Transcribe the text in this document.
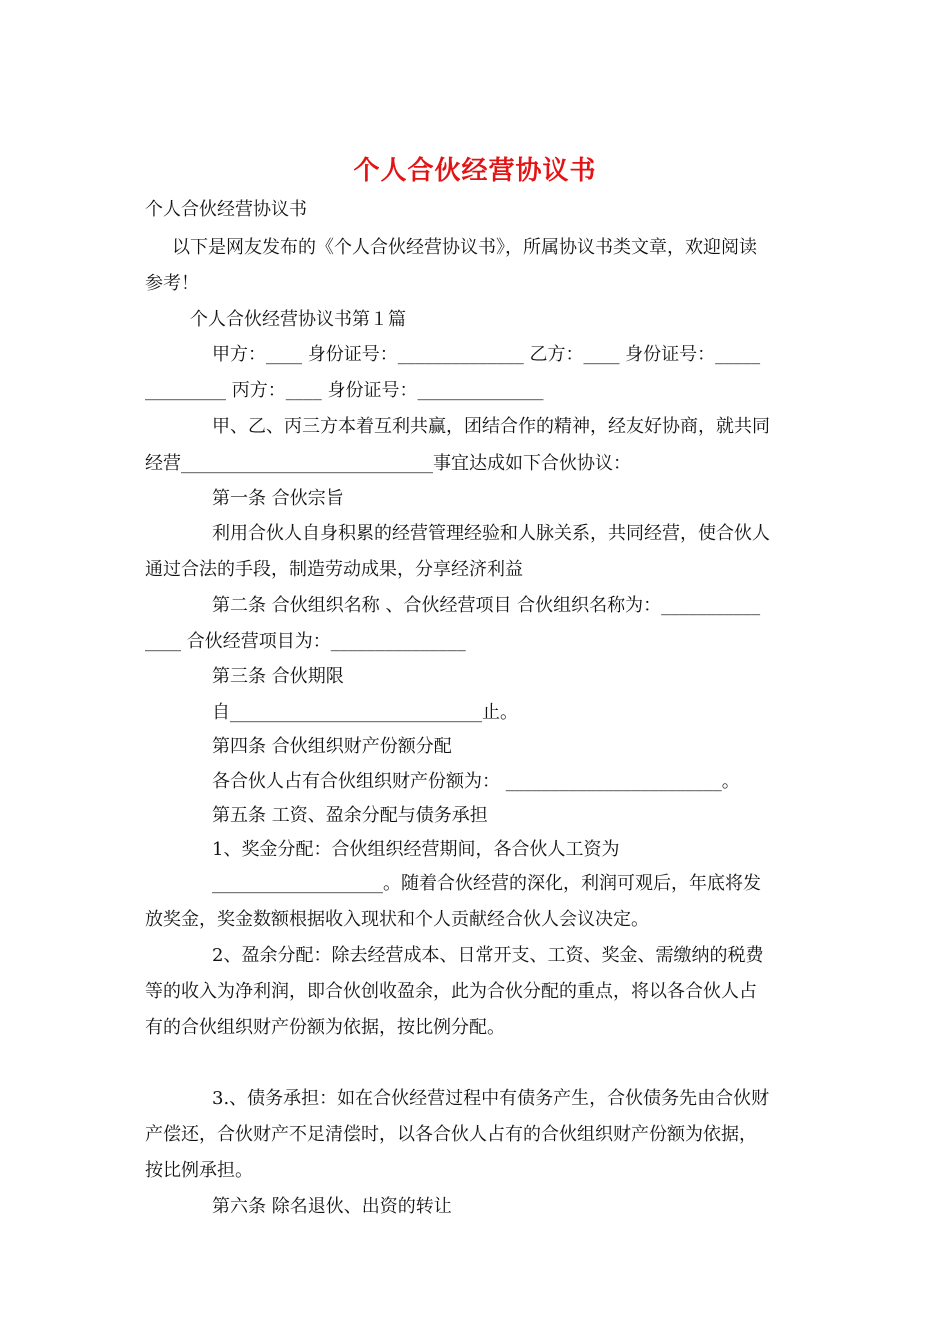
个人合伙经营协议书

个人合伙经营协议书

以下是网友发布的《个人合伙经营协议书》，所属协议书类文章，欢迎阅读

参考！

个人合伙经营协议书第１篇

甲方：____ 身份证号：______________ 乙方：____ 身份证号：_____

_________ 丙方：____ 身份证号：______________

甲、乙、丙三方本着互利共赢，团结合作的精神，经友好协商，就共同

经营____________________________事宜达成如下合伙协议：

第一条 合伙宗旨

利用合伙人自身积累的经营管理经验和人脉关系，共同经营，使合伙人

通过合法的手段，制造劳动成果，分享经济利益

第二条 合伙组织名称 、合伙经营项目 合伙组织名称为：___________

____ 合伙经营项目为：_______________

第三条 合伙期限

自____________________________止。

第四条 合伙组织财产份额分配

各合伙人占有合伙组织财产份额为： ________________________。

第五条 工资、盈余分配与债务承担

1、奖金分配：合伙组织经营期间，各合伙人工资为

___________________。随着合伙经营的深化，利润可观后，年底将发

放奖金，奖金数额根据收入现状和个人贡献经合伙人会议决定。

2、盈余分配：除去经营成本、日常开支、工资、奖金、需缴纳的税费

等的收入为净利润，即合伙创收盈余，此为合伙分配的重点，将以各合伙人占

有的合伙组织财产份额为依据，按比例分配。

3.、债务承担：如在合伙经营过程中有债务产生，合伙债务先由合伙财

产偿还，合伙财产不足清偿时，以各合伙人占有的合伙组织财产份额为依据，

按比例承担。

第六条 除名退伙、出资的转让
